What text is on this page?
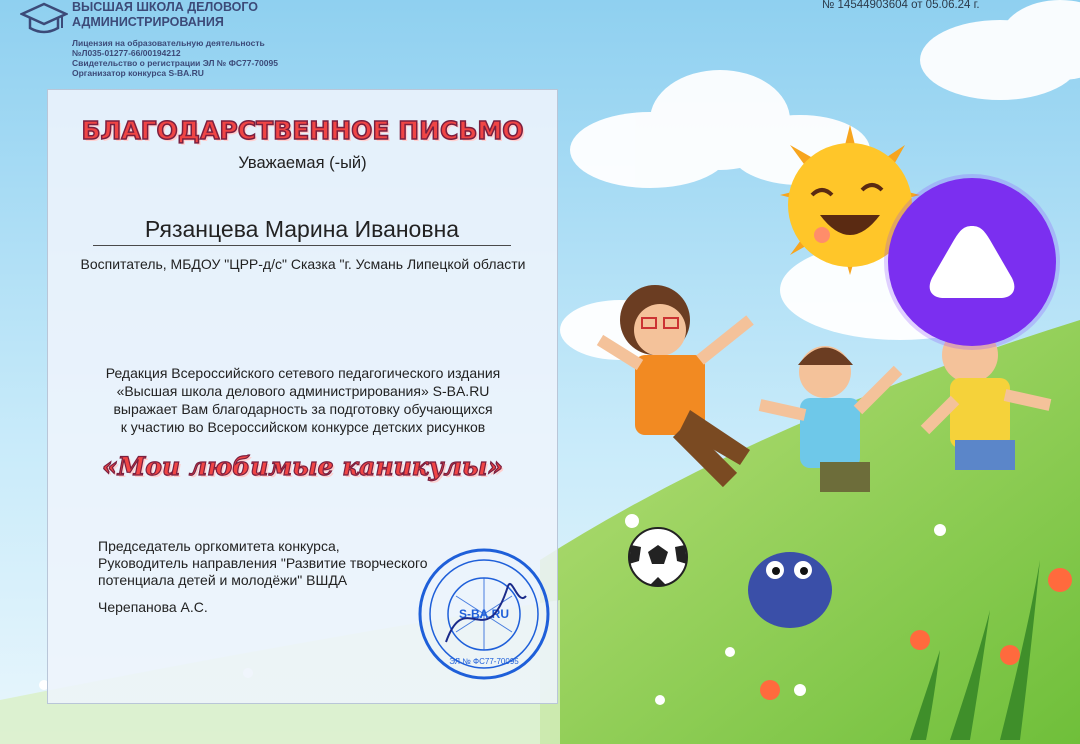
ВЫСШАЯ ШКОЛА ДЕЛОВОГО АДМИНИСТРИРОВАНИЯ
Лицензия на образовательную деятельность
№Л035-01277-66/00194212
Свидетельство о регистрации ЭЛ № ФС77-70095
Организатор конкурса S-BA.RU
№ 14544903604 от 05.06.24 г.
БЛАГОДАРСТВЕННОЕ ПИСЬМО
Уважаемая (-ый)
Рязанцева Марина Ивановна
Воспитатель, МБДОУ "ЦРР-д/с" Сказка "г. Усмань Липецкой области
Редакция Всероссийского сетевого педагогического издания
«Высшая школа делового администрирования» S-BA.RU
выражает Вам благодарность за подготовку обучающихся
к участию во Всероссийском конкурсе детских рисунков
«Мои любимые каникулы»
Председатель оргкомитета конкурса,
Руководитель направления "Развитие творческого
потенциала детей и молодёжи" ВШДА
Черепанова А.С.	S-BA.RU
ЭЛ № ФС77-70095
